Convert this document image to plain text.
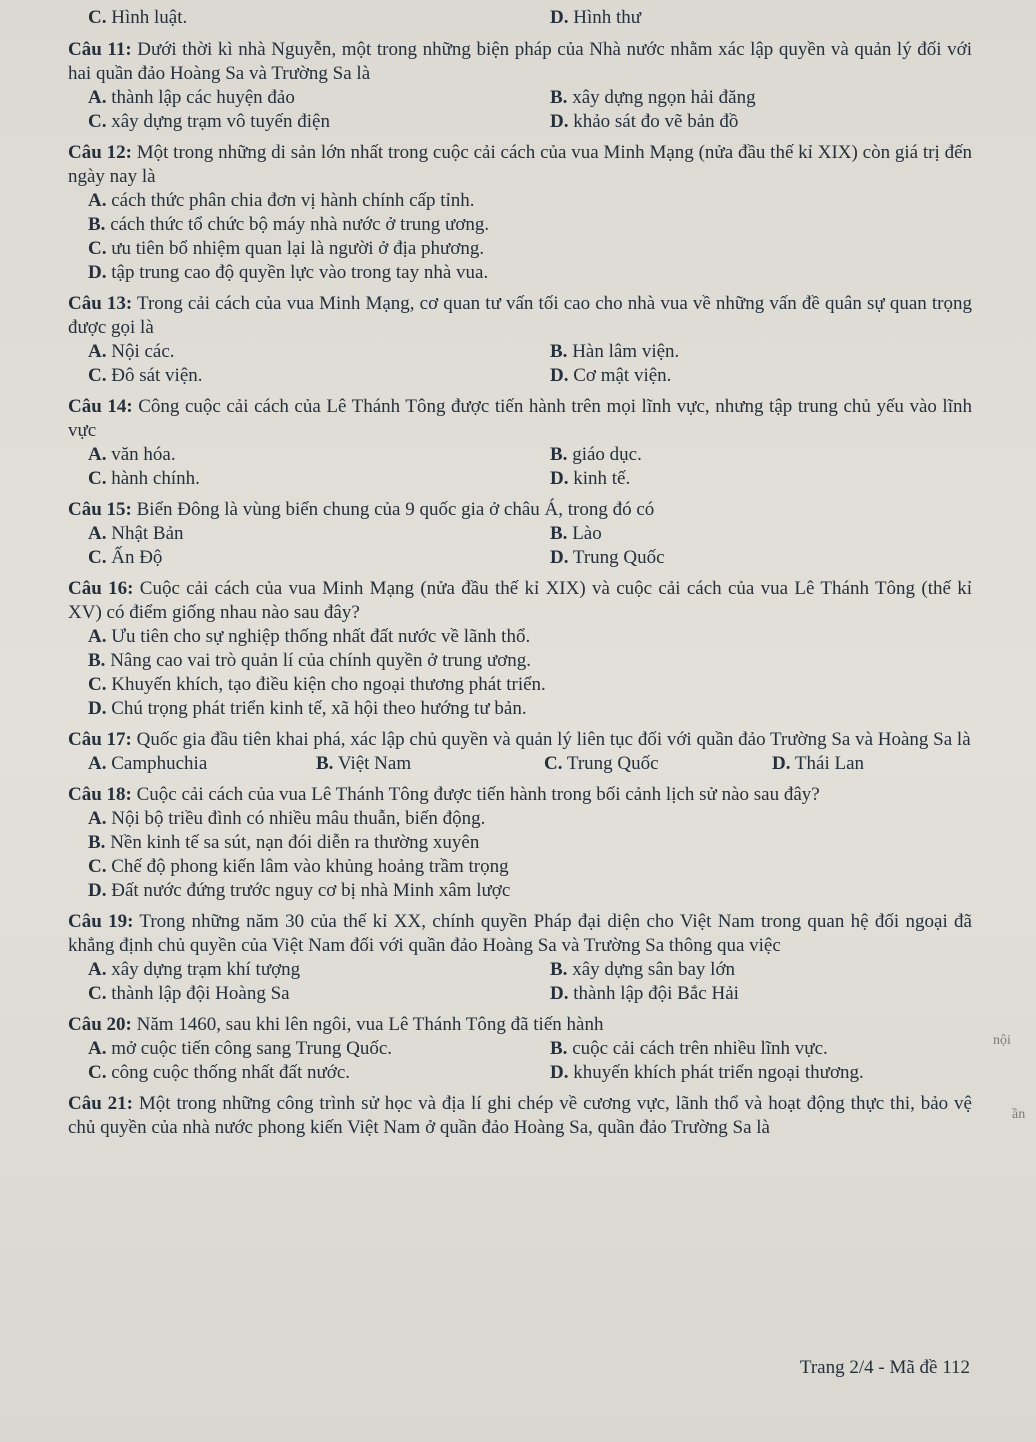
C. Hình luật.	D. Hình thư
Câu 11: Dưới thời kì nhà Nguyễn, một trong những biện pháp của Nhà nước nhằm xác lập quyền và quản lý đối với hai quần đảo Hoàng Sa và Trường Sa là
A. thành lập các huyện đảo	B. xây dựng ngọn hải đăng
C. xây dựng trạm vô tuyến điện	D. khảo sát đo vẽ bản đồ
Câu 12: Một trong những di sản lớn nhất trong cuộc cải cách của vua Minh Mạng (nửa đầu thế kỉ XIX) còn giá trị đến ngày nay là
A. cách thức phân chia đơn vị hành chính cấp tỉnh.
B. cách thức tổ chức bộ máy nhà nước ở trung ương.
C. ưu tiên bổ nhiệm quan lại là người ở địa phương.
D. tập trung cao độ quyền lực vào trong tay nhà vua.
Câu 13: Trong cải cách của vua Minh Mạng, cơ quan tư vấn tối cao cho nhà vua về những vấn đề quân sự quan trọng được gọi là
A. Nội các.	B. Hàn lâm viện.
C. Đô sát viện.	D. Cơ mật viện.
Câu 14: Công cuộc cải cách của Lê Thánh Tông được tiến hành trên mọi lĩnh vực, nhưng tập trung chủ yếu vào lĩnh vực
A. văn hóa.	B. giáo dục.
C. hành chính.	D. kinh tế.
Câu 15: Biển Đông là vùng biển chung của 9 quốc gia ở châu Á, trong đó có
A. Nhật Bản	B. Lào
C. Ấn Độ	D. Trung Quốc
Câu 16: Cuộc cải cách của vua Minh Mạng (nửa đầu thế kỉ XIX) và cuộc cải cách của vua Lê Thánh Tông (thế kỉ XV) có điểm giống nhau nào sau đây?
A. Ưu tiên cho sự nghiệp thống nhất đất nước về lãnh thổ.
B. Nâng cao vai trò quản lí của chính quyền ở trung ương.
C. Khuyến khích, tạo điều kiện cho ngoại thương phát triển.
D. Chú trọng phát triển kinh tế, xã hội theo hướng tư bản.
Câu 17: Quốc gia đầu tiên khai phá, xác lập chủ quyền và quản lý liên tục đối với quần đảo Trường Sa và Hoàng Sa là
A. Camphuchia	B. Việt Nam	C. Trung Quốc	D. Thái Lan
Câu 18: Cuộc cải cách của vua Lê Thánh Tông được tiến hành trong bối cảnh lịch sử nào sau đây?
A. Nội bộ triều đình có nhiều mâu thuẫn, biến động.
B. Nền kinh tế sa sút, nạn đói diễn ra thường xuyên
C. Chế độ phong kiến lâm vào khủng hoảng trầm trọng
D. Đất nước đứng trước nguy cơ bị nhà Minh xâm lược
Câu 19: Trong những năm 30 của thế kỉ XX, chính quyền Pháp đại diện cho Việt Nam trong quan hệ đối ngoại đã khẳng định chủ quyền của Việt Nam đối với quần đảo Hoàng Sa và Trường Sa thông qua việc
A. xây dựng trạm khí tượng	B. xây dựng sân bay lớn
C. thành lập đội Hoàng Sa	D. thành lập đội Bắc Hải
Câu 20: Năm 1460, sau khi lên ngôi, vua Lê Thánh Tông đã tiến hành
A. mở cuộc tiến công sang Trung Quốc.	B. cuộc cải cách trên nhiều lĩnh vực.
C. công cuộc thống nhất đất nước.	D. khuyến khích phát triển ngoại thương.
Câu 21: Một trong những công trình sử học và địa lí ghi chép về cương vực, lãnh thổ và hoạt động thực thi, bảo vệ chủ quyền của nhà nước phong kiến Việt Nam ở quần đảo Hoàng Sa, quần đảo Trường Sa là
nội
ần
Trang 2/4 - Mã đề 112
